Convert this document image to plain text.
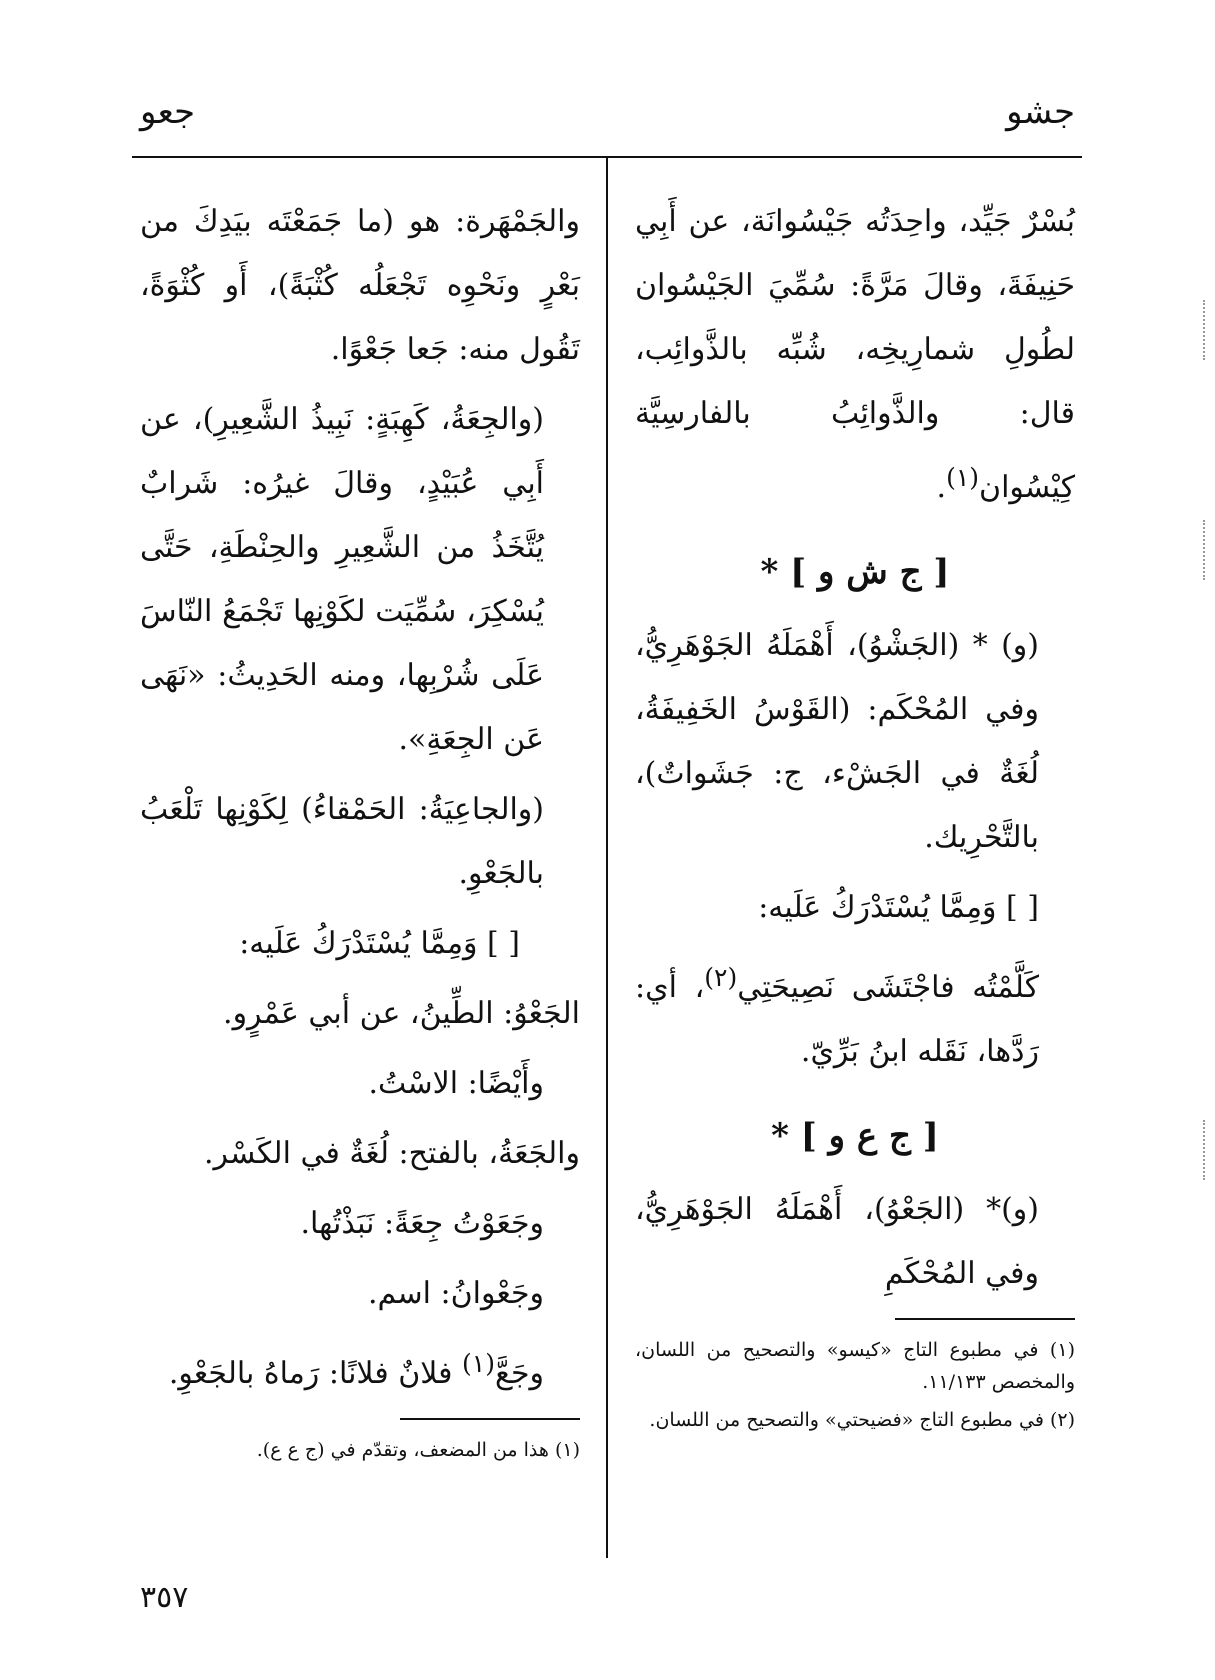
جشو
جعو

بُسْرٌ جَيِّد، واحِدَتُه جَيْسُوانَة، عن أَبِي حَنِيفَةَ، وقالَ مَرَّةً: سُمِّيَ الجَيْسُوان لطُولِ شمارِيخِه، شُبِّه بالذَّوائِب، قال: والذَّوائِبُ بالفارسِيَّة كِيْسُوان$^{(١)}$.

[ ج ش و ] *

(و) * (الجَشْوُ)، أَهْمَلَهُ الجَوْهَرِيُّ، وفي المُحْكَم: (القَوْسُ الخَفِيفَةُ، لُغَةٌ في الجَشْء، ج: جَشَواتٌ)، بالتَّحْرِيك.

[ ] وَمِمَّا يُسْتَدْرَكُ عَلَيه:

كَلَّمْتُه فاجْتَشَى نَصِيحَتِي$^{(٢)}$، أي: رَدَّها، نَقَله ابنُ بَرِّيّ.

[ ج ع و ] *

(و)* (الجَعْوُ)، أَهْمَلَهُ الجَوْهَرِيُّ، وفي المُحْكَمِ

(١) في مطبوع التاج «كيسو» والتصحيح من اللسان، والمخصص ١١/١٣٣.

(٢) في مطبوع التاج «فضيحتي» والتصحيح من اللسان.

والجَمْهَرة: هو (ما جَمَعْتَه بيَدِكَ من بَعْرٍ ونَحْوِه تَجْعَلُه كُثْبَةً)، أَو كُثْوَةً، تَقُول منه: جَعا جَعْوًا.

(والجِعَةُ، كَهِبَةٍ: نَبِيذُ الشَّعِيرِ)، عن أَبِي عُبَيْدٍ، وقالَ غيرُه: شَرابٌ يُتَّخَذُ من الشَّعِيرِ والحِنْطَةِ، حَتَّى يُسْكِرَ، سُمِّيَت لكَوْنِها تَجْمَعُ النّاسَ عَلَى شُرْبِها، ومنه الحَدِيثُ: «نَهَى عَن الجِعَةِ».

(والجاعِيَةُ: الحَمْقاءُ) لِكَوْنِها تَلْعَبُ بالجَعْوِ.

[ ] وَمِمَّا يُسْتَدْرَكُ عَلَيه:

الجَعْوُ: الطِّينُ، عن أبي عَمْرٍو.

وأَيْضًا: الاسْتُ.

والجَعَةُ، بالفتح: لُغَةٌ في الكَسْر.

وجَعَوْتُ جِعَةً: نَبَذْتُها.

وجَعْوانُ: اسم.

وجَعَّ$^{(١)}$ فلانٌ فلانًا: رَماهُ بالجَعْوِ.

(١) هذا من المضعف، وتقدّم في (ج ع ع).

٣٥٧
